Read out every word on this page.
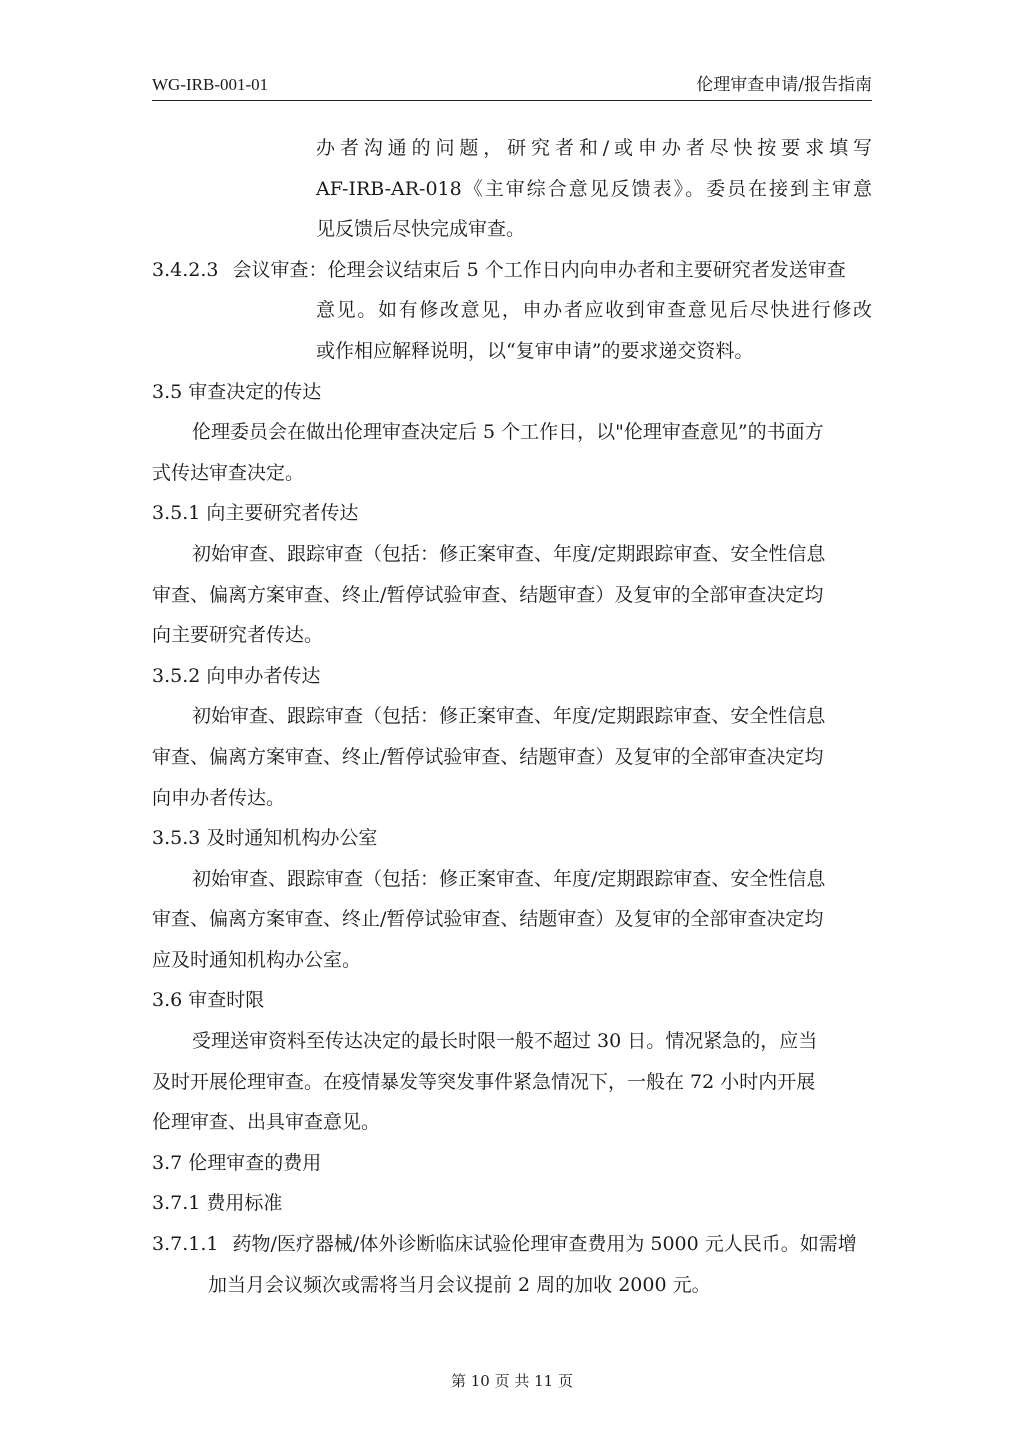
WG-IRB-001-01	伦理审查申请/报告指南
办者沟通的问题，研究者和/或申办者尽快按要求填写
AF-IRB-AR-018《主审综合意见反馈表》。委员在接到主审意
见反馈后尽快完成审查。
3.4.2.3 会议审查：伦理会议结束后 5 个工作日内向申办者和主要研究者发送审查
意见。如有修改意见，申办者应收到审查意见后尽快进行修改
或作相应解释说明，以“复审申请”的要求递交资料。
3.5 审查决定的传达
伦理委员会在做出伦理审查决定后 5 个工作日，以"伦理审查意见”的书面方
式传达审查决定。
3.5.1 向主要研究者传达
初始审查、跟踪审查（包括：修正案审查、年度/定期跟踪审查、安全性信息
审查、偏离方案审查、终止/暂停试验审查、结题审查）及复审的全部审查决定均
向主要研究者传达。
3.5.2 向申办者传达
初始审查、跟踪审查（包括：修正案审查、年度/定期跟踪审查、安全性信息
审查、偏离方案审查、终止/暂停试验审查、结题审查）及复审的全部审查决定均
向申办者传达。
3.5.3 及时通知机构办公室
初始审查、跟踪审查（包括：修正案审查、年度/定期跟踪审查、安全性信息
审查、偏离方案审查、终止/暂停试验审查、结题审查）及复审的全部审查决定均
应及时通知机构办公室。
3.6 审查时限
受理送审资料至传达决定的最长时限一般不超过 30 日。情况紧急的，应当
及时开展伦理审查。在疫情暴发等突发事件紧急情况下，一般在 72 小时内开展
伦理审查、出具审查意见。
3.7 伦理审查的费用
3.7.1 费用标准
3.7.1.1 药物/医疗器械/体外诊断临床试验伦理审查费用为 5000 元人民币。如需增
加当月会议频次或需将当月会议提前 2 周的加收 2000 元。
第 10 页 共 11 页
